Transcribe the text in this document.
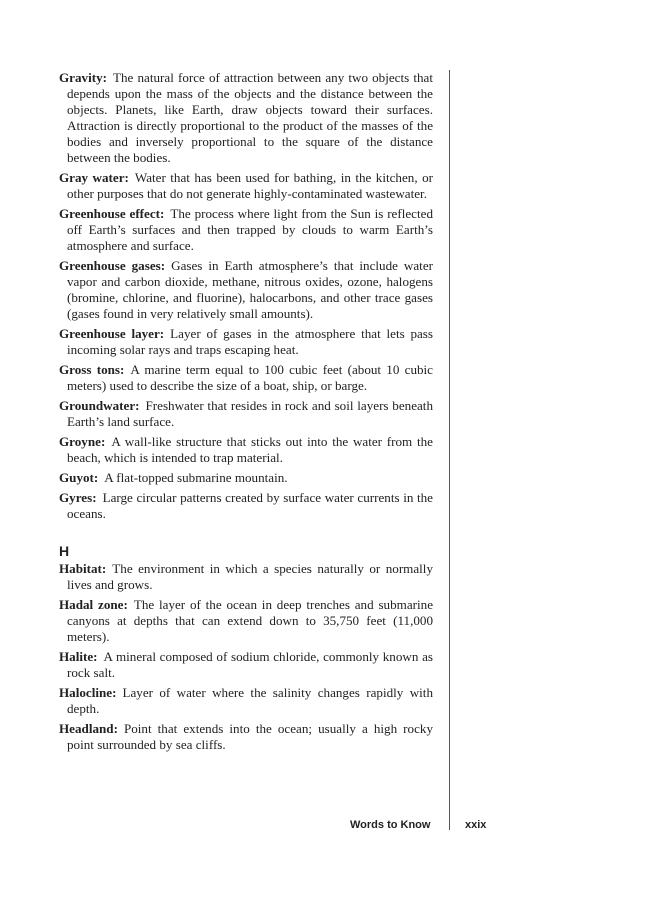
Gravity: The natural force of attraction between any two objects that depends upon the mass of the objects and the distance between the objects. Planets, like Earth, draw objects toward their surfaces. Attraction is directly proportional to the product of the masses of the bodies and inversely proportional to the square of the distance between the bodies.

Gray water: Water that has been used for bathing, in the kitchen, or other purposes that do not generate highly-contaminated wastewater.

Greenhouse effect: The process where light from the Sun is reflected off Earth’s surfaces and then trapped by clouds to warm Earth’s atmosphere and surface.

Greenhouse gases: Gases in Earth atmosphere’s that include water vapor and carbon dioxide, methane, nitrous oxides, ozone, halogens (bromine, chlorine, and fluorine), halocarbons, and other trace gases (gases found in very relatively small amounts).

Greenhouse layer: Layer of gases in the atmosphere that lets pass incoming solar rays and traps escaping heat.

Gross tons: A marine term equal to 100 cubic feet (about 10 cubic meters) used to describe the size of a boat, ship, or barge.

Groundwater: Freshwater that resides in rock and soil layers beneath Earth’s land surface.

Groyne: A wall-like structure that sticks out into the water from the beach, which is intended to trap material.

Guyot: A flat-topped submarine mountain.

Gyres: Large circular patterns created by surface water currents in the oceans.

H

Habitat: The environment in which a species naturally or normally lives and grows.

Hadal zone: The layer of the ocean in deep trenches and submarine canyons at depths that can extend down to 35,750 feet (11,000 meters).

Halite: A mineral composed of sodium chloride, commonly known as rock salt.

Halocline: Layer of water where the salinity changes rapidly with depth.

Headland: Point that extends into the ocean; usually a high rocky point surrounded by sea cliffs.

Words to Know	xxix
